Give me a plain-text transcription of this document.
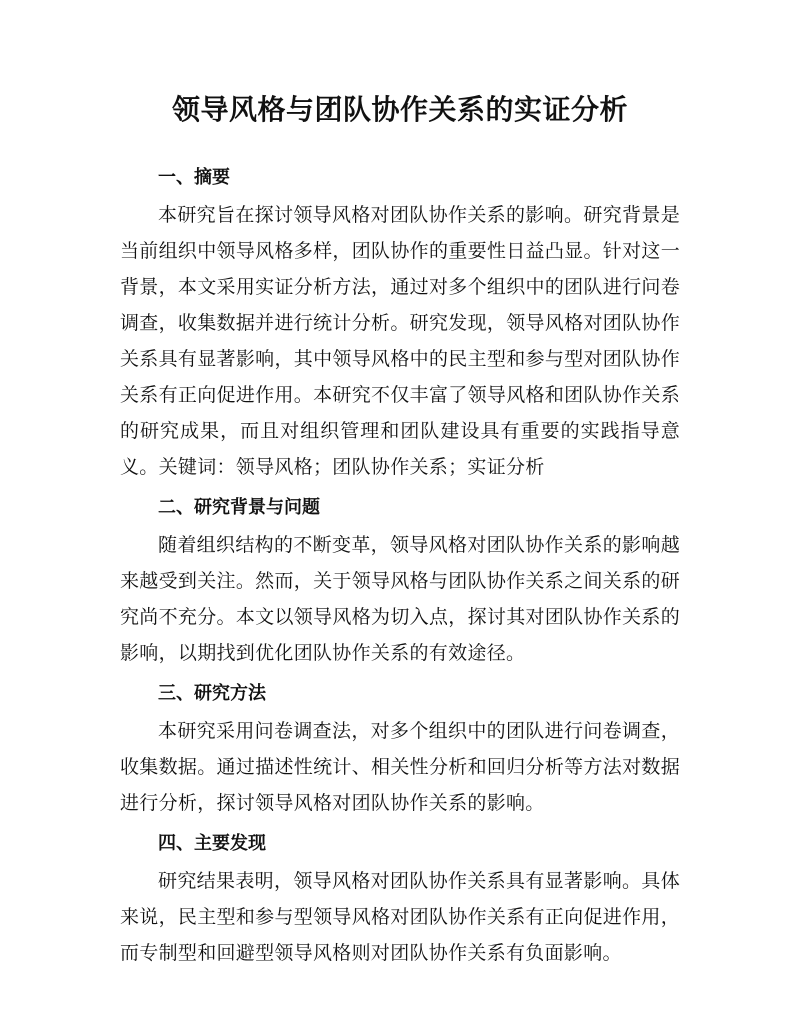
领导风格与团队协作关系的实证分析
一、摘要

本研究旨在探讨领导风格对团队协作关系的影响。研究背景是当前组织中领导风格多样，团队协作的重要性日益凸显。针对这一背景，本文采用实证分析方法，通过对多个组织中的团队进行问卷调查，收集数据并进行统计分析。研究发现，领导风格对团队协作关系具有显著影响，其中领导风格中的民主型和参与型对团队协作关系有正向促进作用。本研究不仅丰富了领导风格和团队协作关系的研究成果，而且对组织管理和团队建设具有重要的实践指导意义。关键词：领导风格；团队协作关系；实证分析

二、研究背景与问题

随着组织结构的不断变革，领导风格对团队协作关系的影响越来越受到关注。然而，关于领导风格与团队协作关系之间关系的研究尚不充分。本文以领导风格为切入点，探讨其对团队协作关系的影响，以期找到优化团队协作关系的有效途径。

三、研究方法

本研究采用问卷调查法，对多个组织中的团队进行问卷调查，收集数据。通过描述性统计、相关性分析和回归分析等方法对数据进行分析，探讨领导风格对团队协作关系的影响。

四、主要发现

研究结果表明，领导风格对团队协作关系具有显著影响。具体来说，民主型和参与型领导风格对团队协作关系有正向促进作用，而专制型和回避型领导风格则对团队协作关系有负面影响。
